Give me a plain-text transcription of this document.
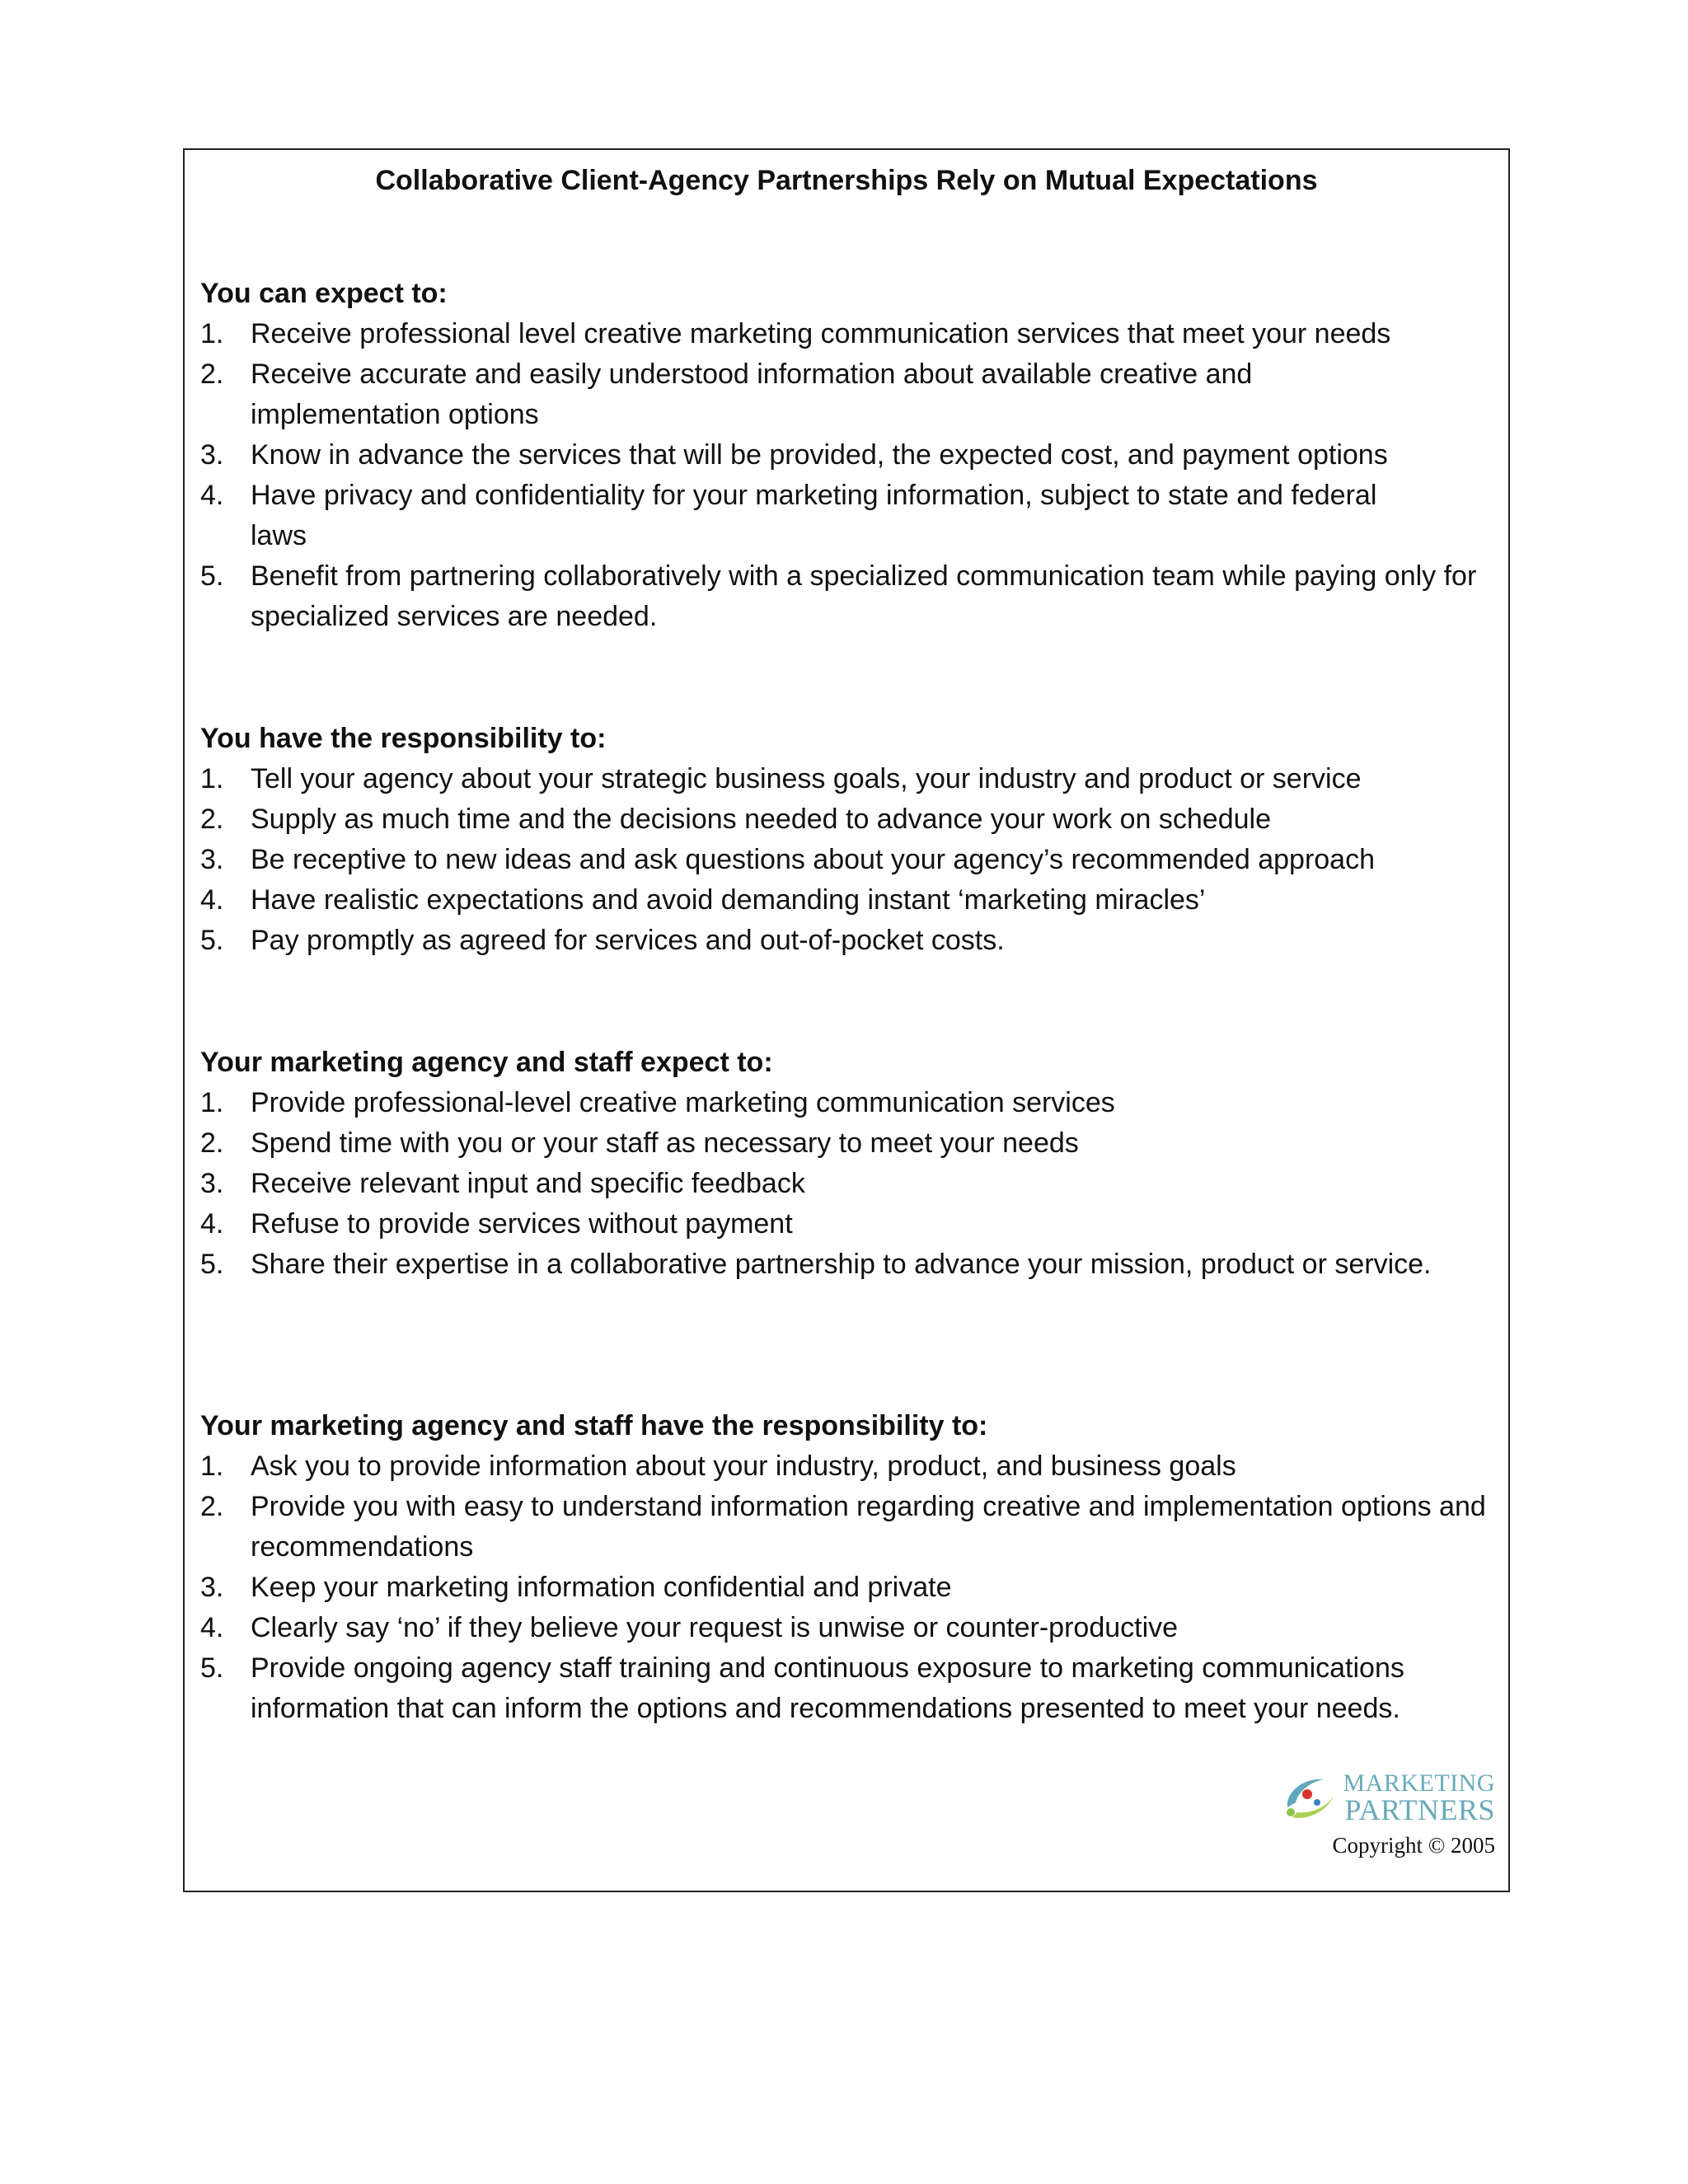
Collaborative Client-Agency Partnerships Rely on Mutual Expectations
You can expect to:
1. Receive professional level creative marketing communication services that meet your needs
2. Receive accurate and easily understood information about available creative and implementation options
3. Know in advance the services that will be provided, the expected cost, and payment options
4. Have privacy and confidentiality for your marketing information, subject to state and federal laws
5. Benefit from partnering collaboratively with a specialized communication team while paying only for specialized services are needed.
You have the responsibility to:
1. Tell your agency about your strategic business goals, your industry and product or service
2. Supply as much time and the decisions needed to advance your work on schedule
3. Be receptive to new ideas and ask questions about your agency’s recommended approach
4. Have realistic expectations and avoid demanding instant ‘marketing miracles’
5. Pay promptly as agreed for services and out-of-pocket costs.
Your marketing agency and staff expect to:
1. Provide professional-level creative marketing communication services
2. Spend time with you or your staff as necessary to meet your needs
3. Receive relevant input and specific feedback
4. Refuse to provide services without payment
5. Share their expertise in a collaborative partnership to advance your mission, product or service.
Your marketing agency and staff have the responsibility to:
1. Ask you to provide information about your industry, product, and business goals
2. Provide you with easy to understand information regarding creative and implementation options and recommendations
3. Keep your marketing information confidential and private
4. Clearly say ‘no’ if they believe your request is unwise or counter-productive
5. Provide ongoing agency staff training and continuous exposure to marketing communications information that can inform the options and recommendations presented to meet your needs.
MARKETING
PARTNERS
Copyright © 2005
